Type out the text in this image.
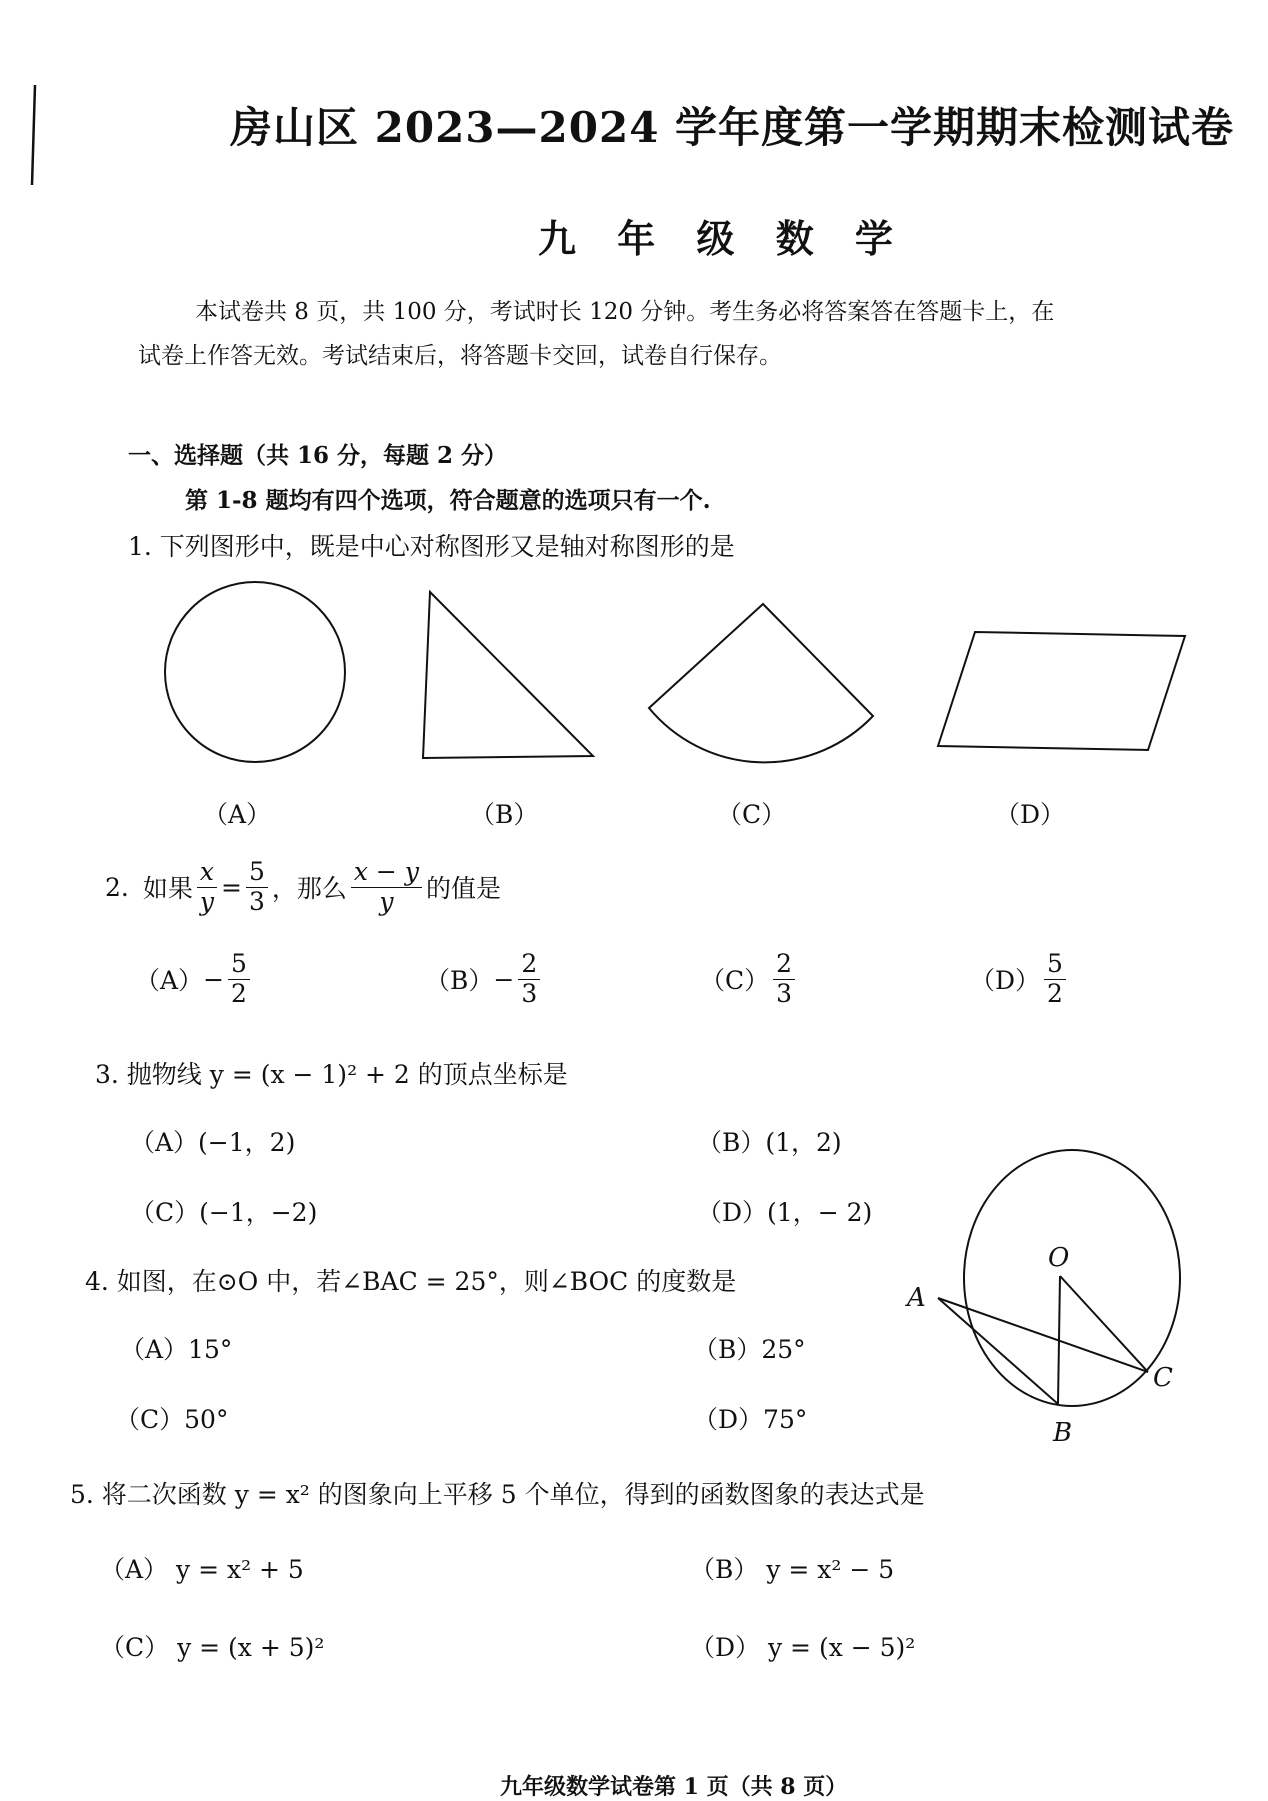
房山区 2023—2024 学年度第一学期期末检测试卷
九 年 级 数 学
本试卷共 8 页，共 100 分，考试时长 120 分钟。考生务必将答案答在答题卡上，在
试卷上作答无效。考试结束后，将答题卡交回，试卷自行保存。
一、选择题（共 16 分，每题 2 分）
第 1-8 题均有四个选项，符合题意的选项只有一个.
1. 下列图形中，既是中心对称图形又是轴对称图形的是
（A）	（B）	（C）	（D）
2. 如果 $\frac{x}{y} = \frac{5}{3}$ ，那么 $\frac{x - y}{y}$ 的值是
$(A) - \frac{5}{2}$	$(B) - \frac{2}{3}$	$(C) \frac{2}{3}$	$(D) \frac{5}{2}$
3. 抛物线 y = (x − 1)² + 2 的顶点坐标是
（A）(−1，2)	（B）(1，2)
（C）(−1，−2)	（D）(1，− 2)
4. 如图，在⊙O 中，若∠BAC = 25°，则∠BOC 的度数是
（A）15°	（B）25°
（C）50°	（D）75°
O
A
C
B
5. 将二次函数 y = x² 的图象向上平移 5 个单位，得到的函数图象的表达式是
（A） y = x² + 5	（B） y = x² − 5
（C） y = (x + 5)²	（D） y = (x − 5)²
九年级数学试卷第 1 页（共 8 页）
